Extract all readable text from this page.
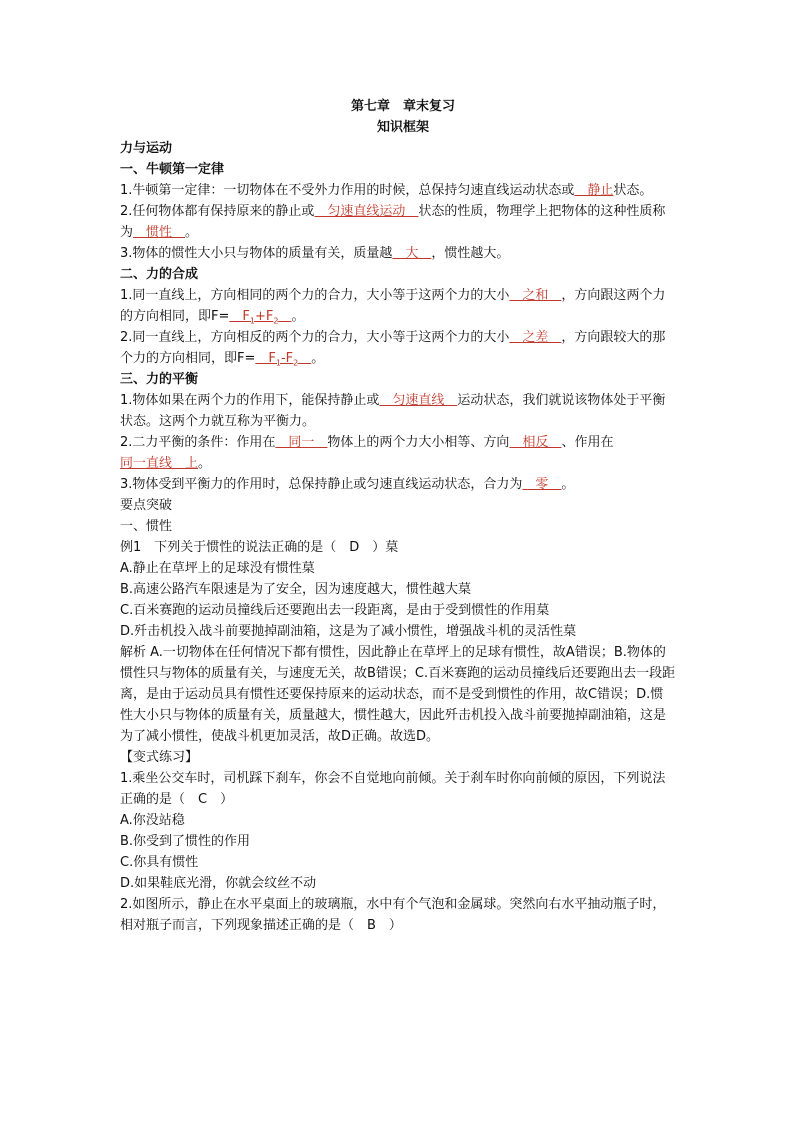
第七章　章末复习
知识框架
力与运动
一、牛顿第一定律

1.牛顿第一定律：一切物体在不受外力作用的时候，总保持匀速直线运动状态或　静止状态。

2.任何物体都有保持原来的静止或　匀速直线运动　状态的性质，物理学上把物体的这种性质称为　惯性　。

3.物体的惯性大小只与物体的质量有关，质量越　大　，惯性越大。

二、力的合成

1.同一直线上，方向相同的两个力的合力，大小等于这两个力的大小　之和　，方向跟这两个力的方向相同，即F=　$F_1+F_2$　 。

2.同一直线上，方向相反的两个力的合力，大小等于这两个力的大小　之差　，方向跟较大的那个力的方向相同，即F=　$F_1-F_2$　 。

三、力的平衡

1.物体如果在两个力的作用下，能保持静止或　匀速直线　运动状态，我们就说该物体处于平衡状态。这两个力就互称为平衡力。

2.二力平衡的条件：作用在　同一　物体上的两个力大小相等、方向　相反　、作用在同一直线　上。

3.物体受到平衡力的作用时，总保持静止或匀速直线运动状态，合力为　零　。

要点突破

一、惯性

例1　下列关于惯性的说法正确的是（　D　）菒

A.静止在草坪上的足球没有惯性菒

B.高速公路汽车限速是为了安全，因为速度越大，惯性越大菒

C.百米赛跑的运动员撞线后还要跑出去一段距离，是由于受到惯性的作用菒

D.歼击机投入战斗前要抛掉副油箱，这是为了减小惯性，增强战斗机的灵活性菒

解析 A.一切物体在任何情况下都有惯性，因此静止在草坪上的足球有惯性，故A错误；B.物体的惯性只与物体的质量有关，与速度无关，故B错误；C.百米赛跑的运动员撞线后还要跑出去一段距离，是由于运动员具有惯性还要保持原来的运动状态，而不是受到惯性的作用，故C错误；D.惯性大小只与物体的质量有关，质量越大，惯性越大，因此歼击机投入战斗前要抛掉副油箱，这是为了减小惯性，使战斗机更加灵活，故D正确。故选D。

【变式练习】

1.乘坐公交车时，司机踩下刹车，你会不自觉地向前倾。关于刹车时你向前倾的原因，下列说法正确的是（　C　）

A.你没站稳

B.你受到了惯性的作用

C.你具有惯性

D.如果鞋底光滑，你就会纹丝不动

2.如图所示，静止在水平桌面上的玻璃瓶，水中有个气泡和金属球。突然向右水平抽动瓶子时，相对瓶子而言，下列现象描述正确的是（　B　）
